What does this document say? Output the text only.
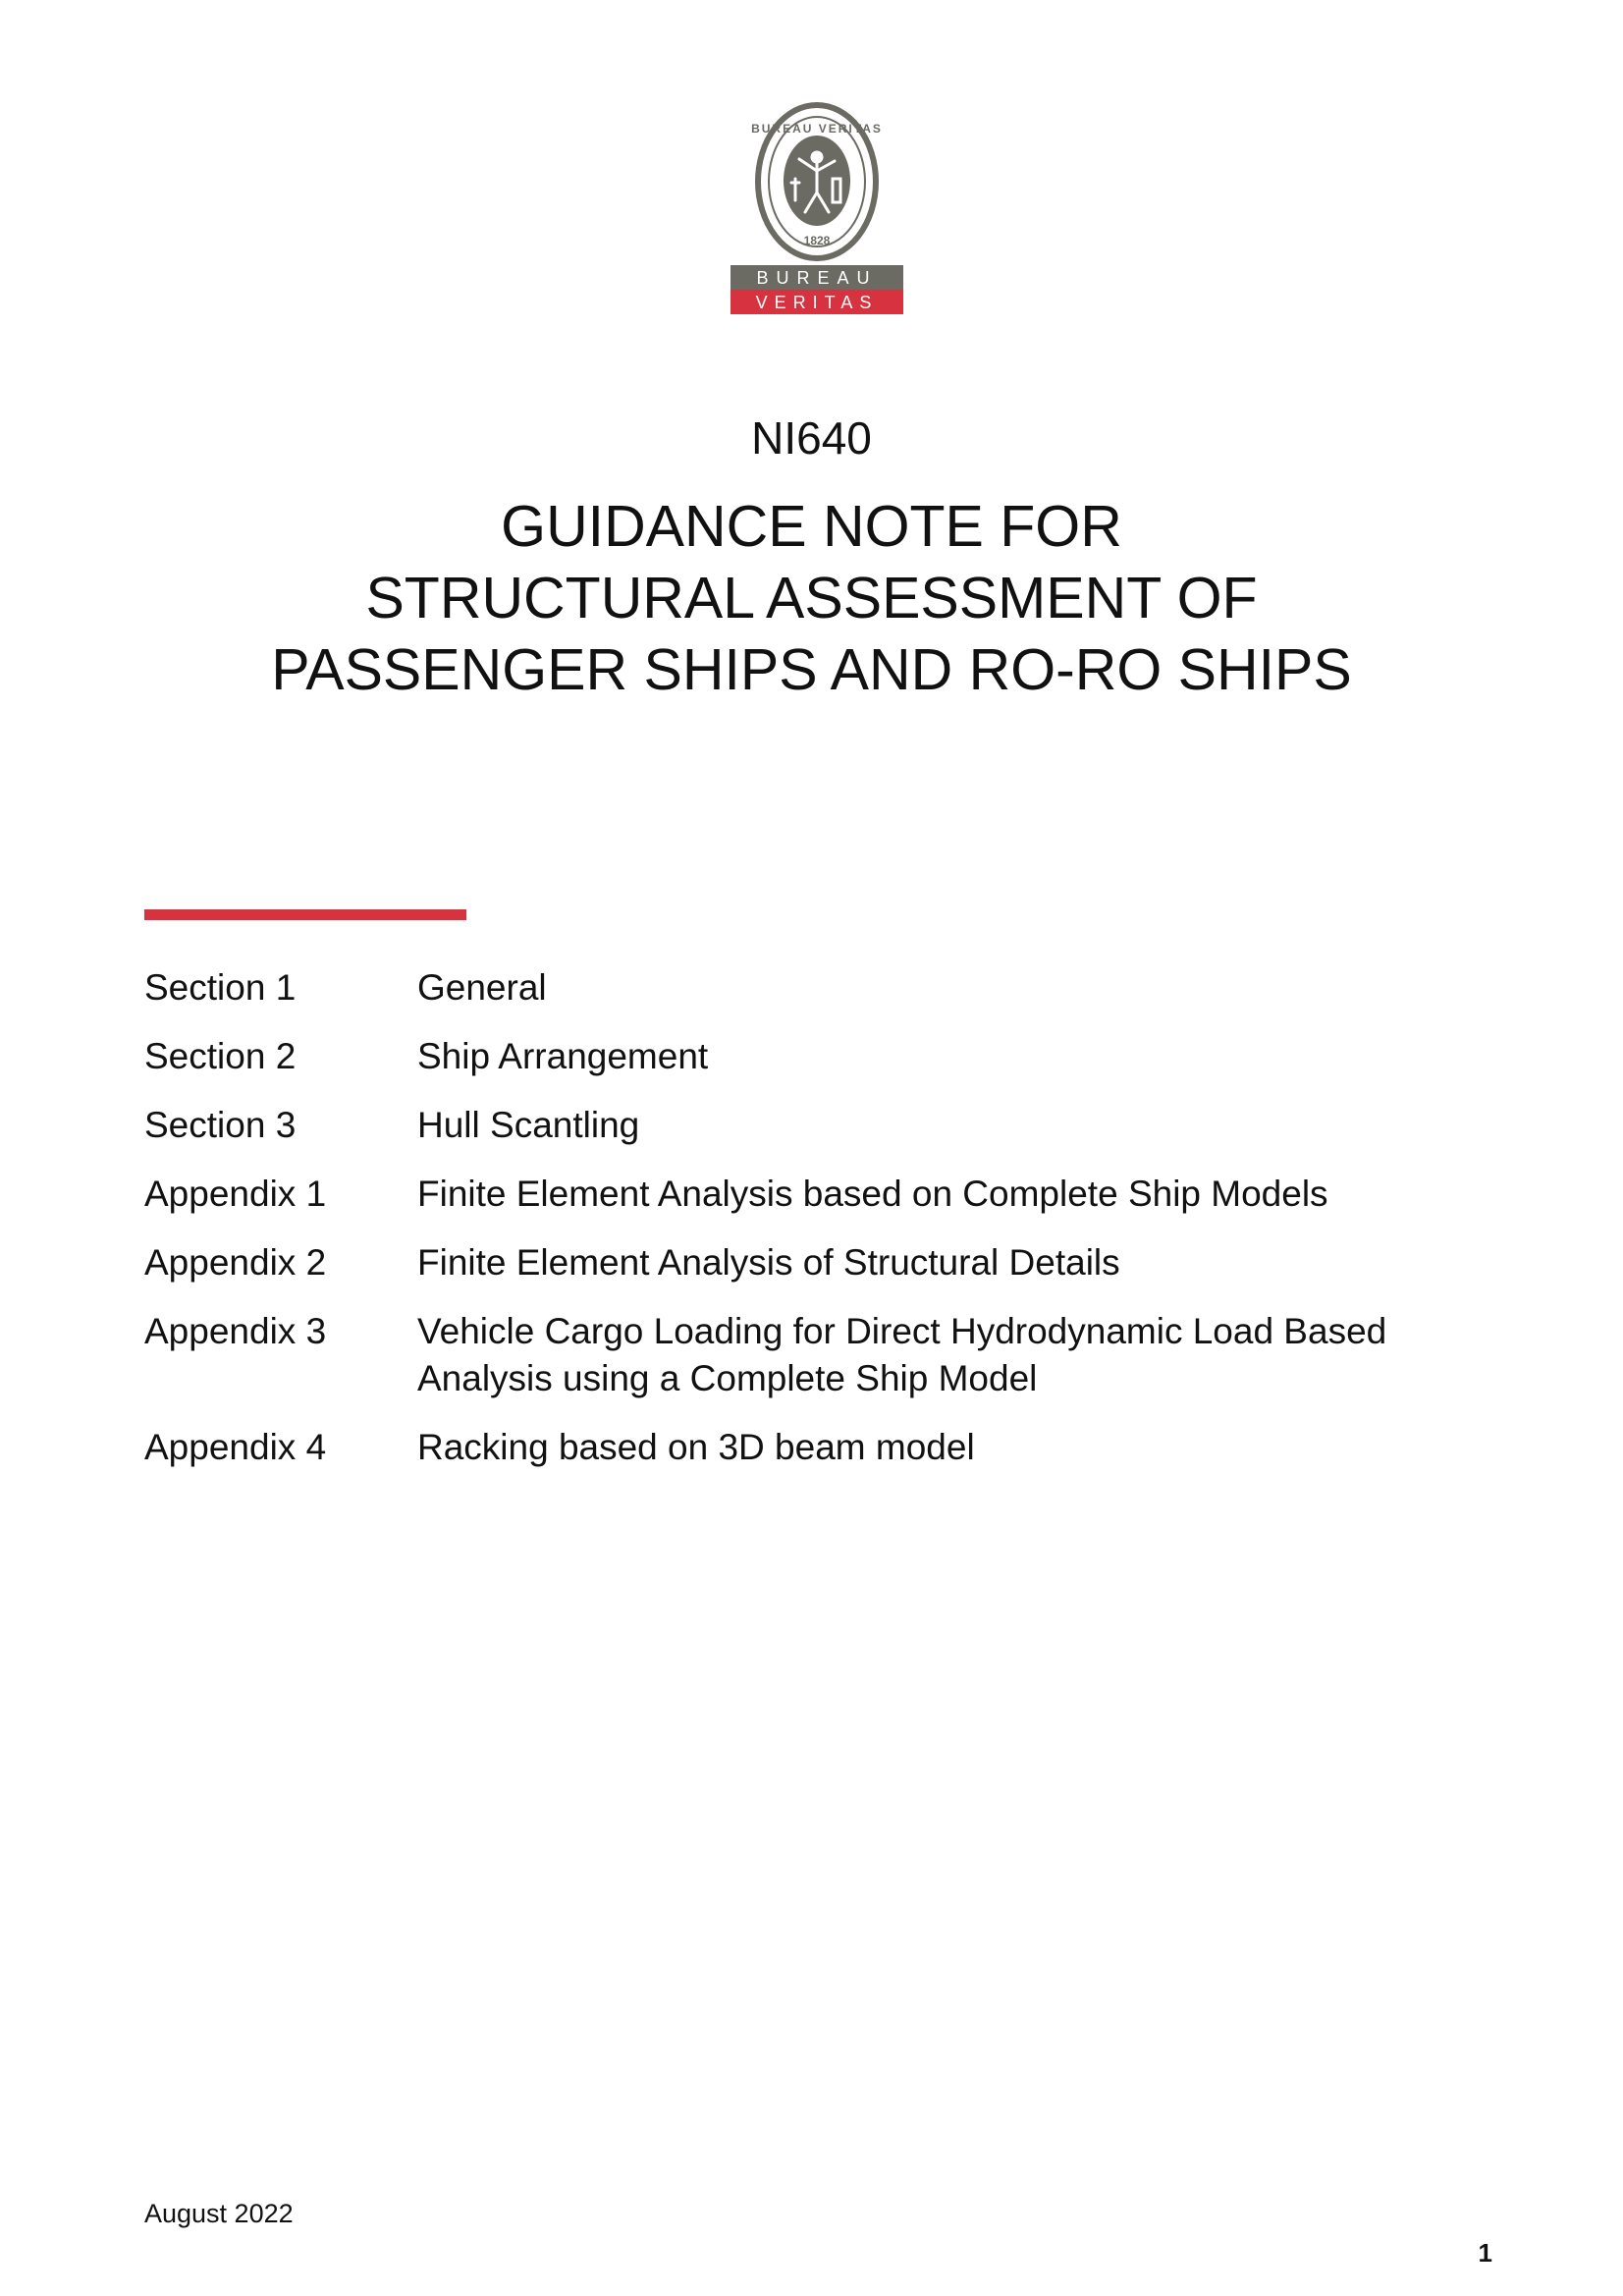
BUREAU VERITAS
1828
BUREAU
VERITAS
NI640
GUIDANCE NOTE FOR
STRUCTURAL ASSESSMENT OF
PASSENGER SHIPS AND RO-RO SHIPS
Section 1	General
Section 2	Ship Arrangement
Section 3	Hull Scantling
Appendix 1	Finite Element Analysis based on Complete Ship Models
Appendix 2	Finite Element Analysis of Structural Details
Appendix 3	Vehicle Cargo Loading for Direct Hydrodynamic Load Based
Analysis using a Complete Ship Model
Appendix 4	Racking based on 3D beam model
August 2022
1
